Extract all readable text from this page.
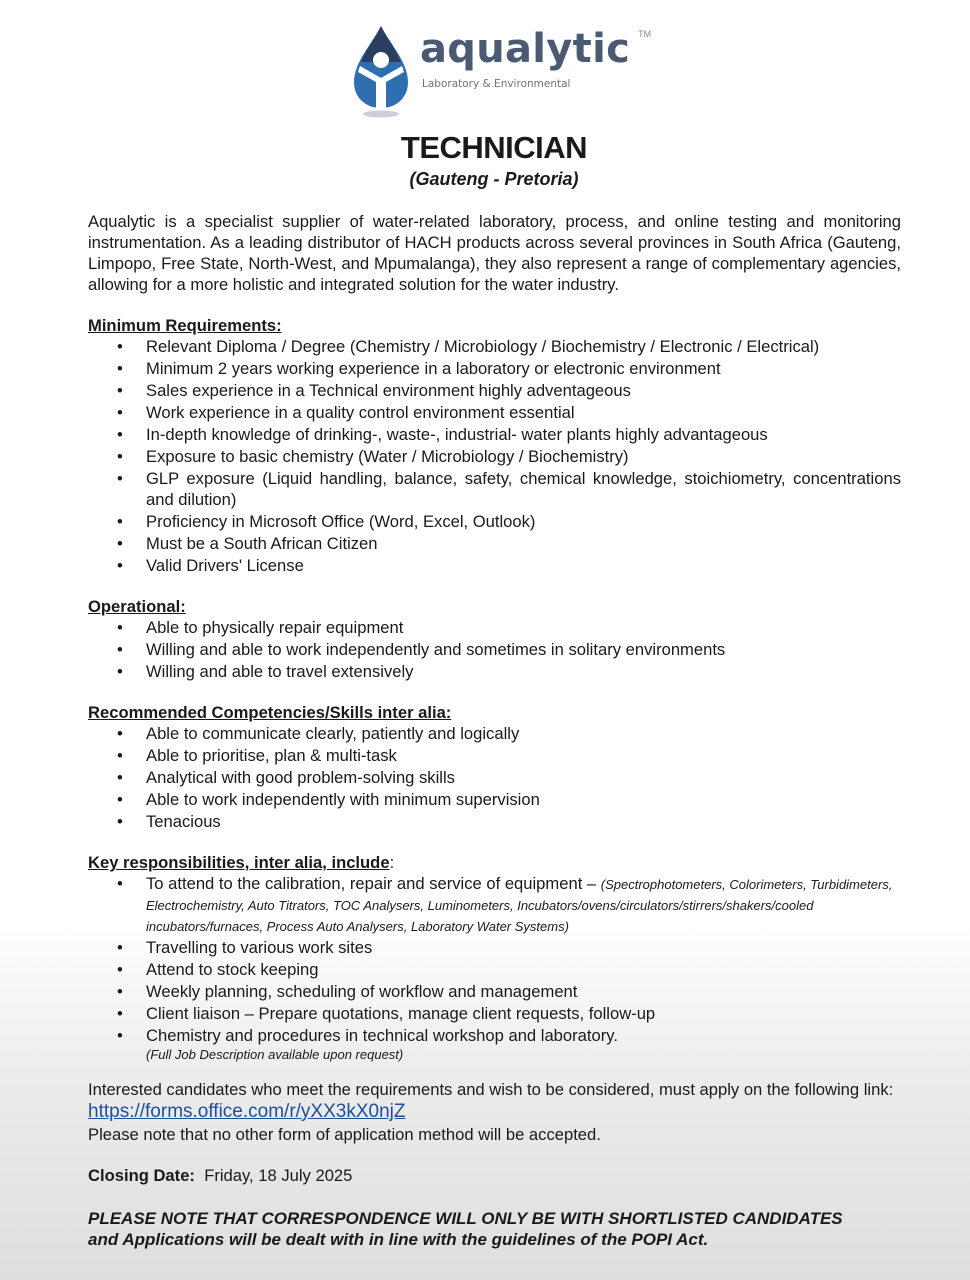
aqualytic TM
Laboratory & Environmental
TECHNICIAN
(Gauteng - Pretoria)

Aqualytic is a specialist supplier of water-related laboratory, process, and online testing and monitoring instrumentation. As a leading distributor of HACH products across several provinces in South Africa (Gauteng, Limpopo, Free State, North-West, and Mpumalanga), they also represent a range of complementary agencies, allowing for a more holistic and integrated solution for the water industry.

Minimum Requirements:

• Relevant Diploma / Degree (Chemistry / Microbiology / Biochemistry / Electronic / Electrical)
• Minimum 2 years working experience in a laboratory or electronic environment
• Sales experience in a Technical environment highly adventageous
• Work experience in a quality control environment essential
• In-depth knowledge of drinking-, waste-, industrial- water plants highly advantageous
• Exposure to basic chemistry (Water / Microbiology / Biochemistry)
• GLP exposure (Liquid handling, balance, safety, chemical knowledge, stoichiometry, concentrations and dilution)
• Proficiency in Microsoft Office (Word, Excel, Outlook)
• Must be a South African Citizen
• Valid Drivers' License

Operational:

• Able to physically repair equipment
• Willing and able to work independently and sometimes in solitary environments
• Willing and able to travel extensively

Recommended Competencies/Skills inter alia:

• Able to communicate clearly, patiently and logically
• Able to prioritise, plan & multi-task
• Analytical with good problem-solving skills
• Able to work independently with minimum supervision
• Tenacious

Key responsibilities, inter alia, include:

• To attend to the calibration, repair and service of equipment – (Spectrophotometers, Colorimeters, Turbidimeters, Electrochemistry, Auto Titrators, TOC Analysers, Luminometers, Incubators/ovens/circulators/stirrers/shakers/cooled incubators/furnaces, Process Auto Analysers, Laboratory Water Systems)
• Travelling to various work sites
• Attend to stock keeping
• Weekly planning, scheduling of workflow and management
• Client liaison – Prepare quotations, manage client requests, follow-up
• Chemistry and procedures in technical workshop and laboratory.
(Full Job Description available upon request)

Interested candidates who meet the requirements and wish to be considered, must apply on the following link:

https://forms.office.com/r/yXX3kX0njZ

Please note that no other form of application method will be accepted.

Closing Date: Friday, 18 July 2025
PLEASE NOTE THAT CORRESPONDENCE WILL ONLY BE WITH SHORTLISTED CANDIDATES
and Applications will be dealt with in line with the guidelines of the POPI Act.
